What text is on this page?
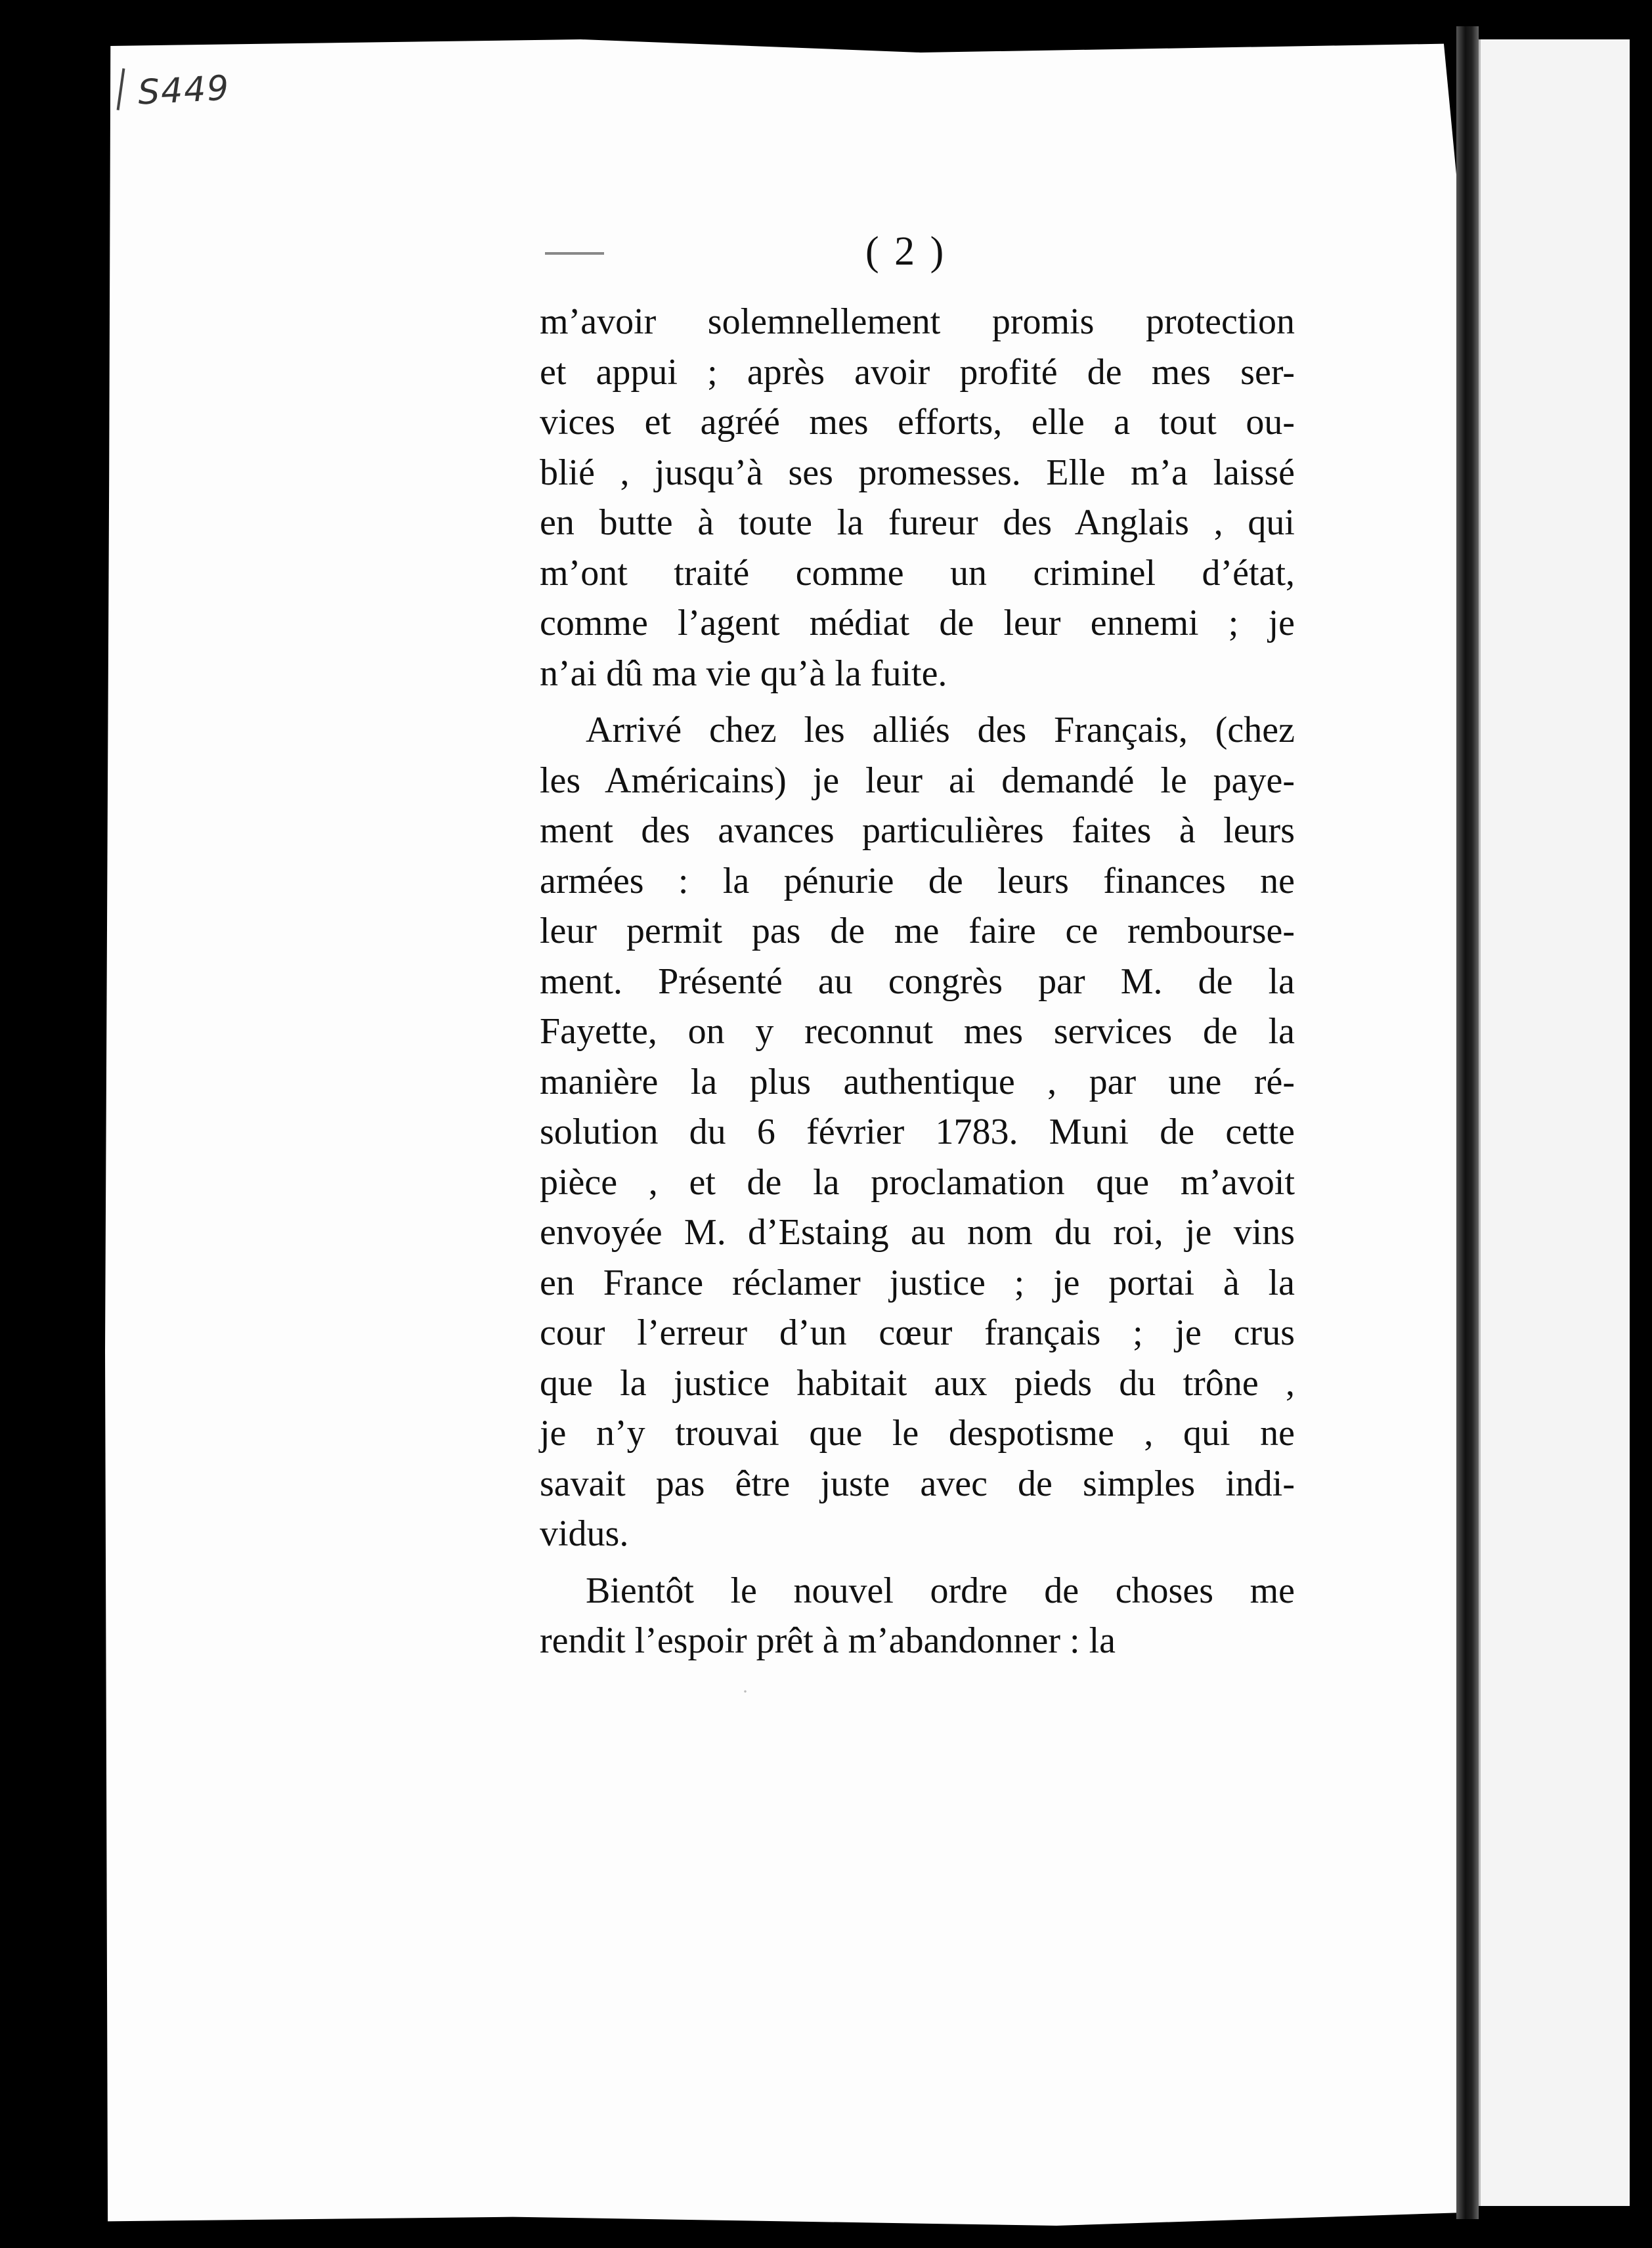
S449
( 2 )
m’avoir solemnellement promis protection
et appui ; après avoir profité de mes ser-
vices et agréé mes efforts, elle a tout ou-
blié , jusqu’à ses promesses. Elle m’a laissé
en butte à toute la fureur des Anglais , qui
m’ont traité comme un criminel d’état,
comme l’agent médiat de leur ennemi ; je
n’ai dû ma vie qu’à la fuite.
Arrivé chez les alliés des Français, (chez
les Américains) je leur ai demandé le paye-
ment des avances particulières faites à leurs
armées : la pénurie de leurs finances ne
leur permit pas de me faire ce rembourse-
ment. Présenté au congrès par M. de la
Fayette, on y reconnut mes services de la
manière la plus authentique , par une ré-
solution du 6 février 1783. Muni de cette
pièce , et de la proclamation que m’avoit
envoyée M. d’Estaing au nom du roi, je vins
en France réclamer justice ; je portai à la
cour l’erreur d’un cœur français ; je crus
que la justice habitait aux pieds du trône ,
je n’y trouvai que le despotisme , qui ne
savait pas être juste avec de simples indi-
vidus.
Bientôt le nouvel ordre de choses me
rendit l’espoir prêt à m’abandonner : la
·
